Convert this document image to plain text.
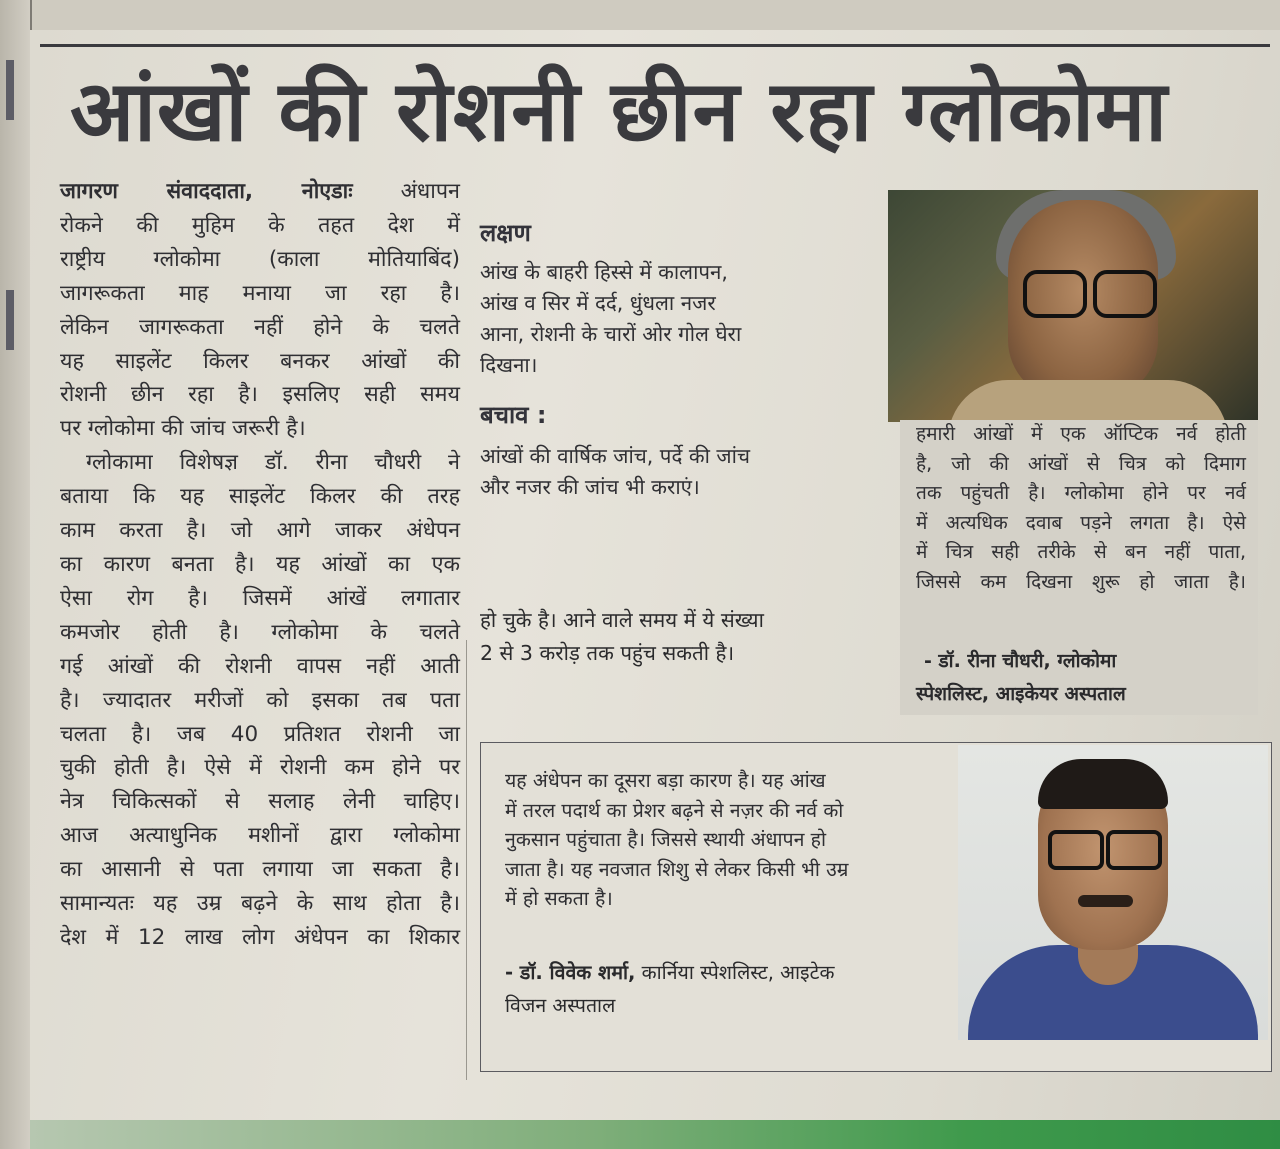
आंखों की रोशनी छीन रहा ग्लोकोमा
जागरण संवाददाता, नोएडाः अंधापन
रोकने की मुहिम के तहत देश में
राष्ट्रीय ग्लोकोमा (काला मोतियाबिंद)
जागरूकता माह मनाया जा रहा है।
लेकिन जागरूकता नहीं होने के चलते
यह साइलेंट किलर बनकर आंखों की
रोशनी छीन रहा है। इसलिए सही समय
पर ग्लोकोमा की जांच जरूरी है।
ग्लोकामा विशेषज्ञ डॉ. रीना चौधरी ने
बताया कि यह साइलेंट किलर की तरह
काम करता है। जो आगे जाकर अंधेपन
का कारण बनता है। यह आंखों का एक
ऐसा रोग है। जिसमें आंखें लगातार
कमजोर होती है। ग्लोकोमा के चलते
गई आंखों की रोशनी वापस नहीं आती
है। ज्यादातर मरीजों को इसका तब पता
चलता है। जब 40 प्रतिशत रोशनी जा
चुकी होती है। ऐसे में रोशनी कम होने पर
नेत्र चिकित्सकों से सलाह लेनी चाहिए।
आज अत्याधुनिक मशीनों द्वारा ग्लोकोमा
का आसानी से पता लगाया जा सकता है।
सामान्यतः यह उम्र बढ़ने के साथ होता है।
देश में 12 लाख लोग अंधेपन का शिकार

लक्षण

आंख के बाहरी हिस्से में कालापन,

आंख व सिर में दर्द, धुंधला नजर

आना, रोशनी के चारों ओर गोल घेरा

दिखना।

बचाव :

आंखों की वार्षिक जांच, पर्दे की जांच

और नजर की जांच भी कराएं।

हो चुके है। आने वाले समय में ये संख्या
2 से 3 करोड़ तक पहुंच सकती है।
हमारी आंखों में एक ऑप्टिक नर्व होती
है, जो की आंखों से चित्र को दिमाग
तक पहुंचती है। ग्लोकोमा होने पर नर्व
में अत्यधिक दवाब पड़ने लगता है। ऐसे
में चित्र सही तरीके से बन नहीं पाता,
जिससे कम दिखना शुरू हो जाता है।
- डॉ. रीना चौधरी, ग्लोकोमा
स्पेशलिस्ट, आइकेयर अस्पताल
यह अंधेपन का दूसरा बड़ा कारण है। यह आंख
में तरल पदार्थ का प्रेशर बढ़ने से नज़र की नर्व को
नुकसान पहुंचाता है। जिससे स्थायी अंधापन हो
जाता है। यह नवजात शिशु से लेकर किसी भी उम्र
में हो सकता है।
- डॉ. विवेक शर्मा, कार्निया स्पेशलिस्ट, आइटेक
विजन अस्पताल
